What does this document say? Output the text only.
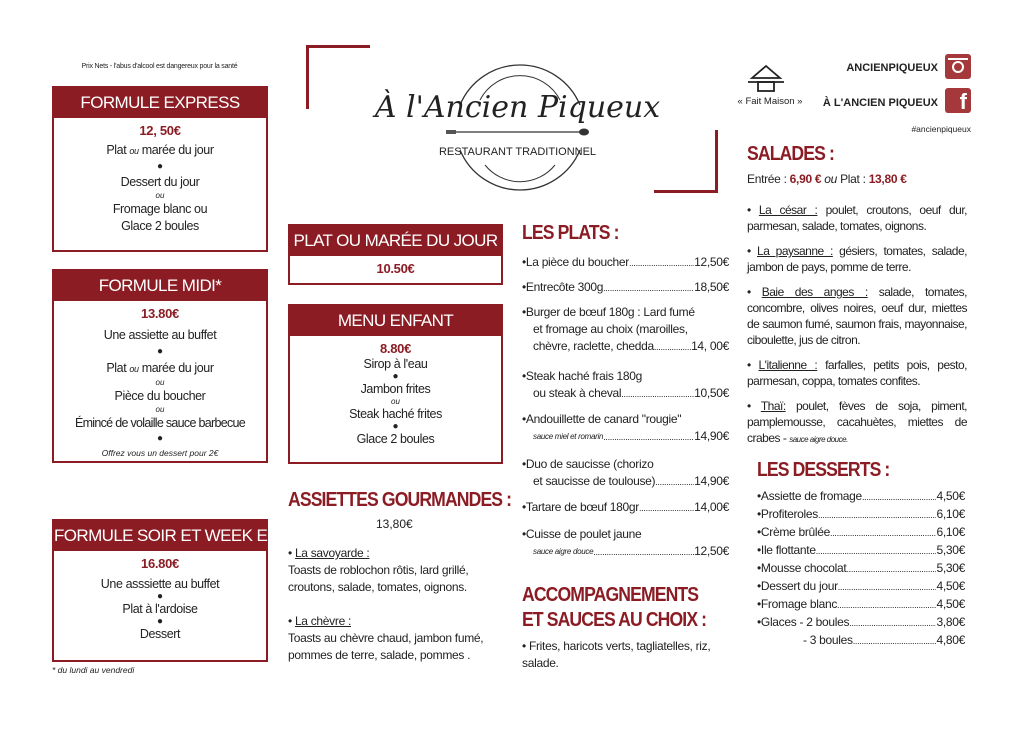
Prix Nets - l'abus d'alcool est dangereux pour la santé
FORMULE EXPRESS
12, 50€
Plat ou marée du jour
●
Dessert du jour
ou
Fromage blanc ou
Glace 2 boules
FORMULE MIDI*
13.80€
Une assiette au buffet
●
Plat ou marée du jour
ou
Pièce du boucher
ou
Émincé de volaille sauce barbecue
●
Offrez vous un dessert pour 2€
FORMULE SOIR ET WEEK END
16.80€
Une asssiette au buffet
●
Plat à l'ardoise
●
Dessert
* du lundi au vendredi
À l'Ancien Piqueux
RESTAURANT TRADITIONNEL
PLAT OU MARÉE DU JOUR
10.50€
MENU ENFANT
8.80€
Sirop à l'eau
●
Jambon frites
ou
Steak haché frites
●
Glace 2 boules
ASSIETTES GOURMANDES :
13,80€
• La savoyarde :
Toasts de roblochon rôtis, lard grillé, croutons, salade, tomates, oignons.
• La chèvre :
Toasts au chèvre chaud, jambon fumé, pommes de terre, salade, pommes .
LES PLATS :
• La pièce du boucher .....	12,50€
• Entrecôte 300g .....	18,50€
• Burger de bœuf 180g : Lard fumé
et fromage au choix (maroilles,
chèvre, raclette, chedda .....	14, 00€
• Steak haché frais 180g
ou steak à cheval .....	10,50€
• Andouillette de canard "rougie"
sauce miel et romarin .....	14,90€
• Duo de saucisse (chorizo
et saucisse de toulouse) .....	14,90€
• Tartare de bœuf 180gr .....	14,00€
• Cuisse de poulet jaune
sauce aigre douce .....	12,50€
ACCOMPAGNEMENTS
ET SAUCES AU CHOIX :
• Frites, haricots verts, tagliatelles, riz, salade.
« Fait Maison »
ANCIENPIQUEUX
À L'ANCIEN PIQUEUX f
#ancienpiqueux
SALADES :
Entrée : 6,90 € ou Plat : 13,80 €
• La césar : poulet, croutons, oeuf dur, parmesan, salade, tomates, oignons.
• La paysanne : gésiers, tomates, salade, jambon de pays, pomme de terre.
• Baie des anges : salade, tomates, concombre, olives noires, oeuf dur, miettes de saumon fumé, saumon frais, mayonnaise, ciboulette, jus de citron.
• L'italienne : farfalles, petits pois, pesto, parmesan, coppa, tomates confites.
• Thaï: poulet, fèves de soja, piment, pamplemousse, cacahuètes, miettes de crabes - sauce aigre douce.
LES DESSERTS :
• Assiette de fromage .....	4,50€
• Profiteroles .....	6,10€
• Crème brûlée .....	6,10€
• Ile flottante .....	5,30€
• Mousse chocolat .....	5,30€
• Dessert du jour .....	4,50€
• Fromage blanc .....	4,50€
• Glaces - 2 boules .....	3,80€
- 3 boules .....	4,80€
